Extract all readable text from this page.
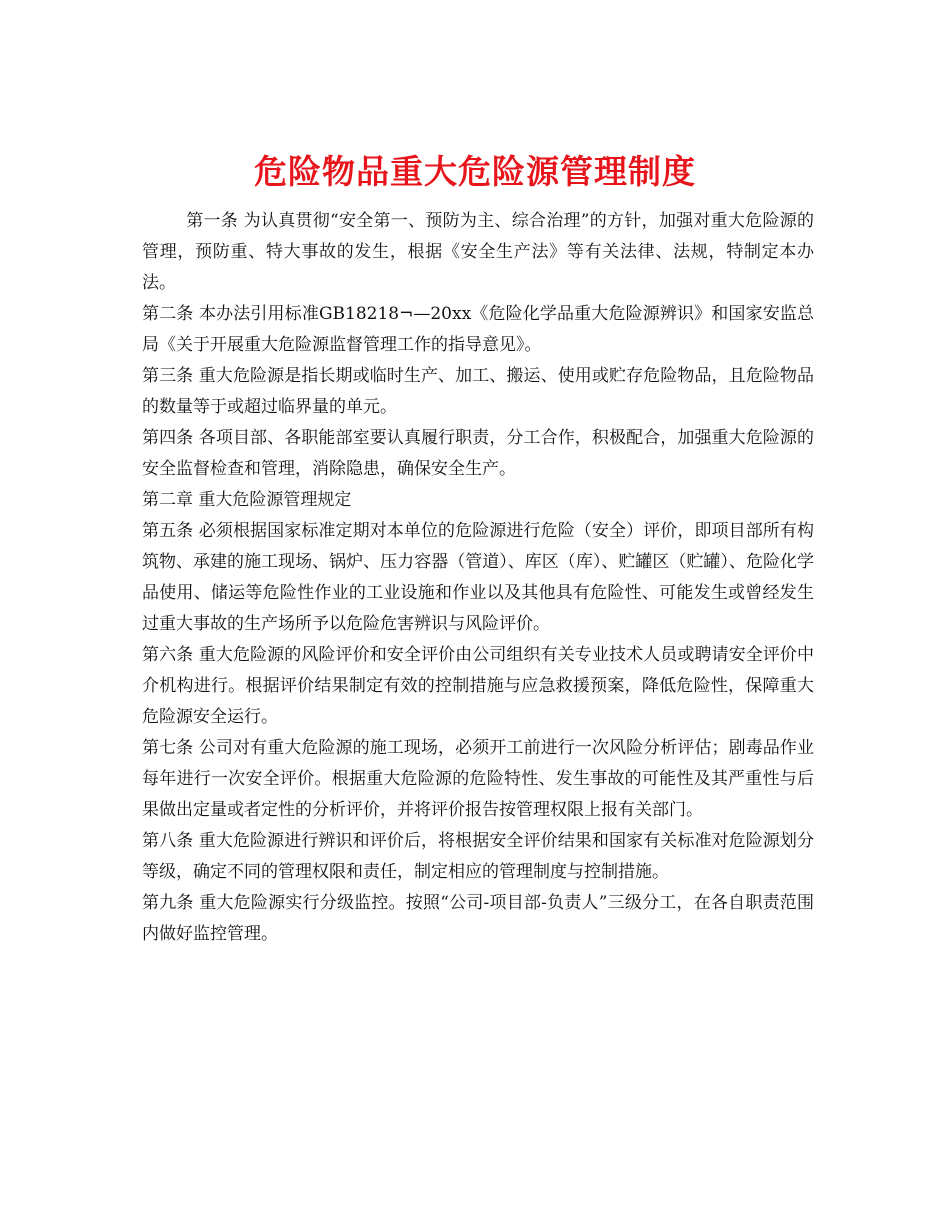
危险物品重大危险源管理制度

第一条 为认真贯彻“安全第一、预防为主、综合治理”的方针，加强对重大危险源的管理，预防重、特大事故的发生，根据《安全生产法》等有关法律、法规，特制定本办法。

第二条 本办法引用标准GB18218¬—20xx《危险化学品重大危险源辨识》和国家安监总局《关于开展重大危险源监督管理工作的指导意见》。

第三条 重大危险源是指长期或临时生产、加工、搬运、使用或贮存危险物品，且危险物品的数量等于或超过临界量的单元。

第四条 各项目部、各职能部室要认真履行职责，分工合作，积极配合，加强重大危险源的安全监督检查和管理，消除隐患，确保安全生产。

第二章 重大危险源管理规定

第五条 必须根据国家标准定期对本单位的危险源进行危险（安全）评价，即项目部所有构筑物、承建的施工现场、锅炉、压力容器（管道）、库区（库）、贮罐区（贮罐）、危险化学品使用、储运等危险性作业的工业设施和作业以及其他具有危险性、可能发生或曾经发生过重大事故的生产场所予以危险危害辨识与风险评价。

第六条 重大危险源的风险评价和安全评价由公司组织有关专业技术人员或聘请安全评价中介机构进行。根据评价结果制定有效的控制措施与应急救援预案，降低危险性，保障重大危险源安全运行。

第七条 公司对有重大危险源的施工现场，必须开工前进行一次风险分析评估；剧毒品作业每年进行一次安全评价。根据重大危险源的危险特性、发生事故的可能性及其严重性与后果做出定量或者定性的分析评价，并将评价报告按管理权限上报有关部门。

第八条 重大危险源进行辨识和评价后，将根据安全评价结果和国家有关标准对危险源划分等级，确定不同的管理权限和责任，制定相应的管理制度与控制措施。

第九条 重大危险源实行分级监控。按照“公司-项目部-负责人”三级分工，在各自职责范围内做好监控管理。
